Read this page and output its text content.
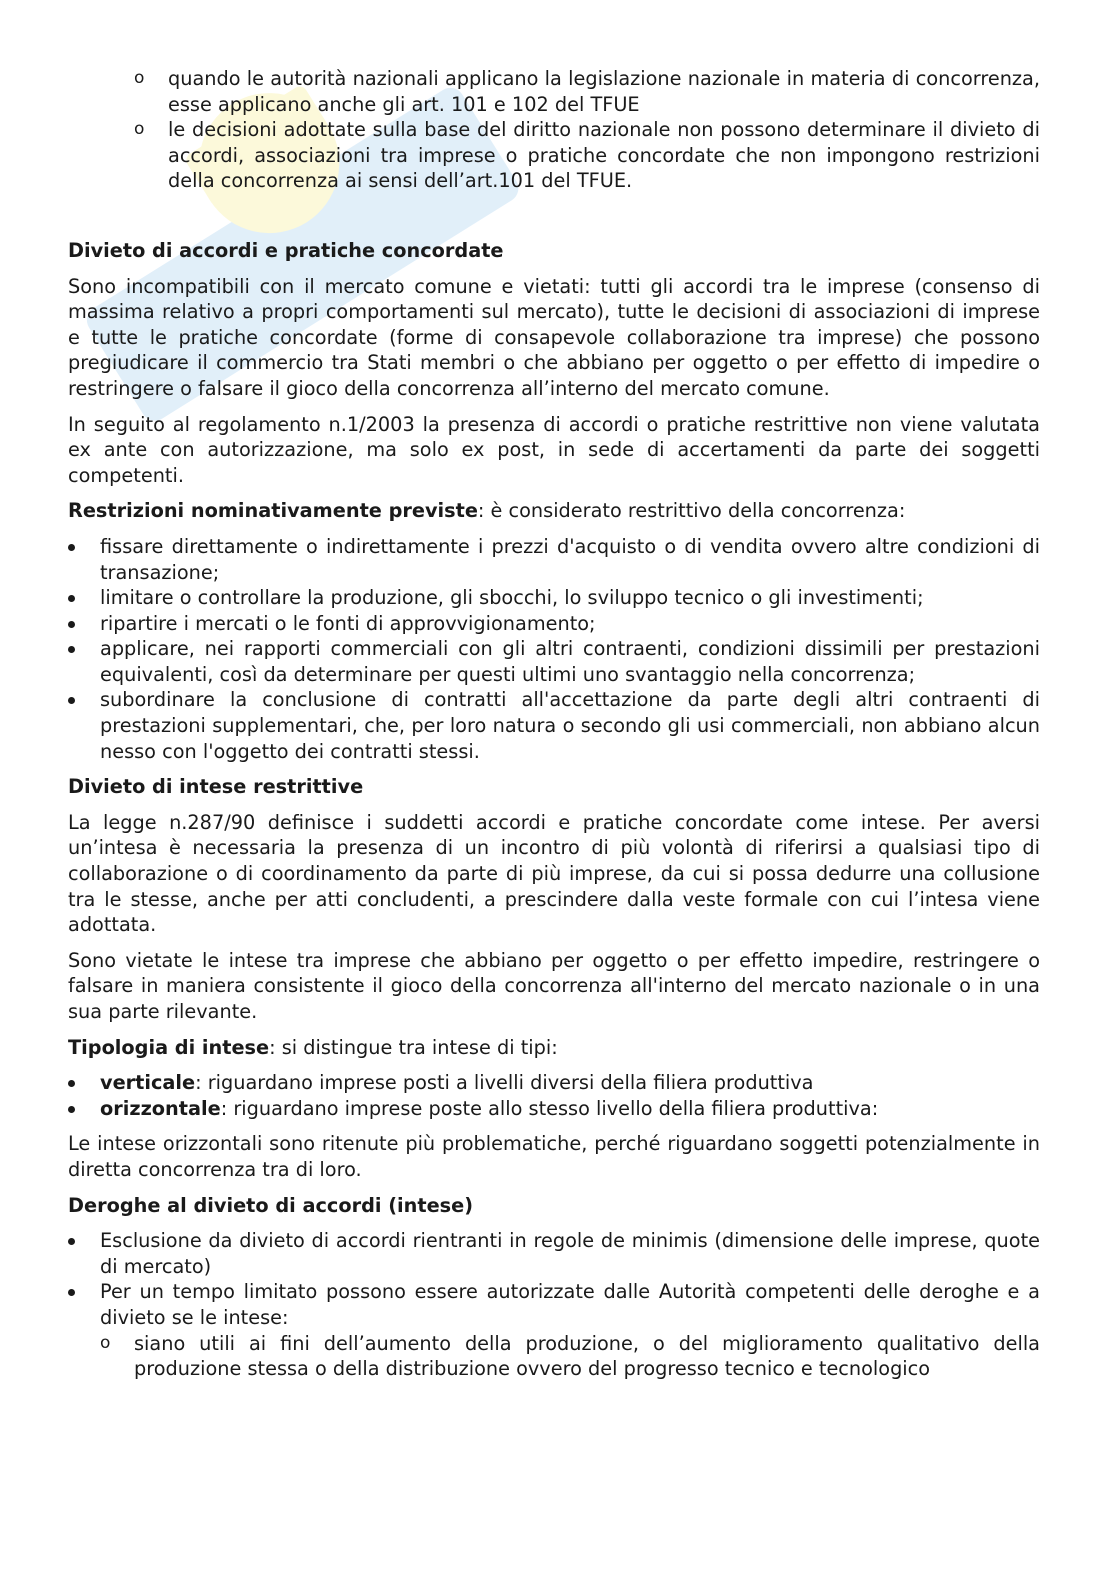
o quando le autorità nazionali applicano la legislazione nazionale in materia di concorrenza, esse applicano anche gli art. 101 e 102 del TFUE
o le decisioni adottate sulla base del diritto nazionale non possono determinare il divieto di accordi, associazioni tra imprese o pratiche concordate che non impongono restrizioni della concorrenza ai sensi dell’art.101 del TFUE.
Divieto di accordi e pratiche concordate

Sono incompatibili con il mercato comune e vietati: tutti gli accordi tra le imprese (consenso di massima relativo a propri comportamenti sul mercato), tutte le decisioni di associazioni di imprese e tutte le pratiche concordate (forme di consapevole collaborazione tra imprese) che possono pregiudicare il commercio tra Stati membri o che abbiano per oggetto o per effetto di impedire o restringere o falsare il gioco della concorrenza all’interno del mercato comune.

In seguito al regolamento n.1/2003 la presenza di accordi o pratiche restrittive non viene valutata ex ante con autorizzazione, ma solo ex post, in sede di accertamenti da parte dei soggetti competenti.

Restrizioni nominativamente previste: è considerato restrittivo della concorrenza:

fissare direttamente o indirettamente i prezzi d'acquisto o di vendita ovvero altre condizioni di transazione;
limitare o controllare la produzione, gli sbocchi, lo sviluppo tecnico o gli investimenti;
ripartire i mercati o le fonti di approvvigionamento;
applicare, nei rapporti commerciali con gli altri contraenti, condizioni dissimili per prestazioni equivalenti, così da determinare per questi ultimi uno svantaggio nella concorrenza;
subordinare la conclusione di contratti all'accettazione da parte degli altri contraenti di prestazioni supplementari, che, per loro natura o secondo gli usi commerciali, non abbiano alcun nesso con l'oggetto dei contratti stessi.
Divieto di intese restrittive

La legge n.287/90 definisce i suddetti accordi e pratiche concordate come intese. Per aversi un’intesa è necessaria la presenza di un incontro di più volontà di riferirsi a qualsiasi tipo di collaborazione o di coordinamento da parte di più imprese, da cui si possa dedurre una collusione tra le stesse, anche per atti concludenti, a prescindere dalla veste formale con cui l’intesa viene adottata.

Sono vietate le intese tra imprese che abbiano per oggetto o per effetto impedire, restringere o falsare in maniera consistente il gioco della concorrenza all'interno del mercato nazionale o in una sua parte rilevante.

Tipologia di intese: si distingue tra intese di tipi:

verticale: riguardano imprese posti a livelli diversi della filiera produttiva
orizzontale: riguardano imprese poste allo stesso livello della filiera produttiva:

Le intese orizzontali sono ritenute più problematiche, perché riguardano soggetti potenzialmente in diretta concorrenza tra di loro.

Deroghe al divieto di accordi (intese)
Esclusione da divieto di accordi rientranti in regole de minimis (dimensione delle imprese, quote di mercato)
Per un tempo limitato possono essere autorizzate dalle Autorità competenti delle deroghe e a divieto se le intese:
o siano utili ai fini dell’aumento della produzione, o del miglioramento qualitativo della produzione stessa o della distribuzione ovvero del progresso tecnico e tecnologico
